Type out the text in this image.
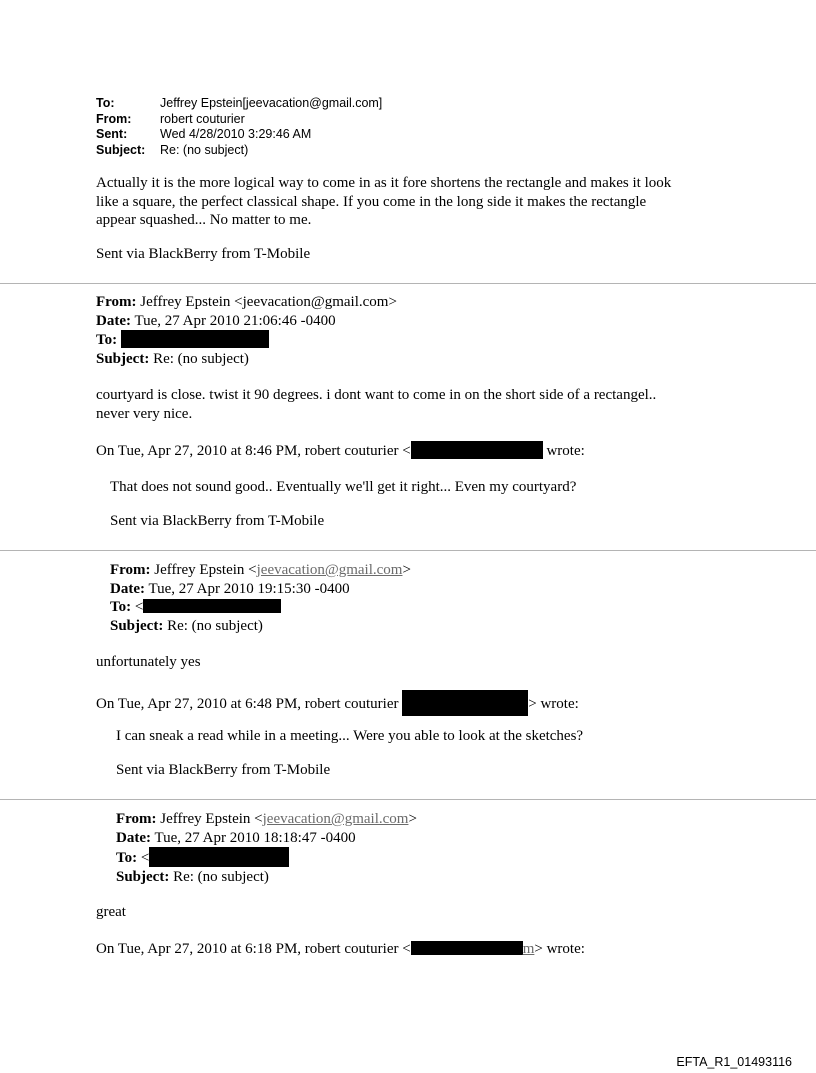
To:	Jeffrey Epstein[jeevacation@gmail.com]
From:	robert couturier
Sent:	Wed 4/28/2010 3:29:46 AM
Subject:	Re: (no subject)
Actually it is the more logical way to come in as it fore shortens the rectangle and makes it look
like a square, the perfect classical shape. If you come in the long side it makes the rectangle
appear squashed... No matter to me.
Sent via BlackBerry from T-Mobile
From: Jeffrey Epstein <jeevacation@gmail.com>
Date: Tue, 27 Apr 2010 21:06:46 -0400
To:
Subject: Re: (no subject)
courtyard is close. twist it 90 degrees. i dont want to come in on the short side of a rectangel..
never very nice.
On Tue, Apr 27, 2010 at 8:46 PM, robert couturier <	wrote:
That does not sound good.. Eventually we'll get it right... Even my courtyard?
Sent via BlackBerry from T-Mobile
From: Jeffrey Epstein <jeevacation@gmail.com>
Date: Tue, 27 Apr 2010 19:15:30 -0400
To: <
Subject: Re: (no subject)
unfortunately yes
On Tue, Apr 27, 2010 at 6:48 PM, robert couturier	> wrote:
I can sneak a read while in a meeting... Were you able to look at the sketches?
Sent via BlackBerry from T-Mobile
From: Jeffrey Epstein <jeevacation@gmail.com>
Date: Tue, 27 Apr 2010 18:18:47 -0400
To: <
Subject: Re: (no subject)
great
On Tue, Apr 27, 2010 at 6:18 PM, robert couturier <	m> wrote:
EFTA_R1_01493116
